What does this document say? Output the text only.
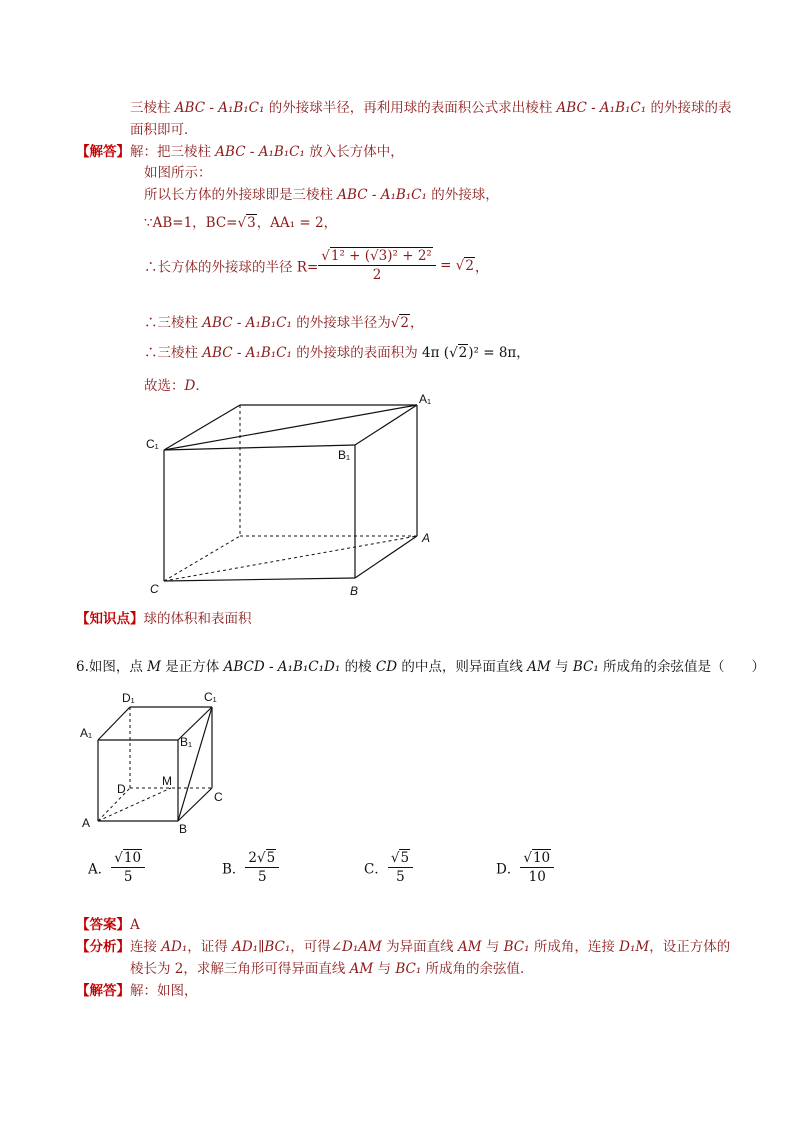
三棱柱 ABC - A₁B₁C₁ 的外接球半径，再利用球的表面积公式求出棱柱 ABC - A₁B₁C₁ 的外接球的表
面积即可．
【解答】解：把三棱柱 ABC - A₁B₁C₁ 放入长方体中，
如图所示：
所以长方体的外接球即是三棱柱 ABC - A₁B₁C₁ 的外接球，
∵AB=1，BC=√3，AA₁ = 2，
∴长方体的外接球的半径 $R= \frac{\text{√1² + (√3)² + 2²}}{2} = √2$，
∴三棱柱 ABC - A₁B₁C₁ 的外接球半径为√2，
∴三棱柱 ABC - A₁B₁C₁ 的外接球的表面积为 4π (√2)² = 8π，
故选：D．
A₁
C₁
B₁
A
C	B
【知识点】球的体积和表面积
6.如图，点 M 是正方体 ABCD - A₁B₁C₁D₁ 的棱 CD 的中点，则异面直线 AM 与 BC₁ 所成角的余弦值是（　　）
D₁	C₁
A₁
B₁
D
M
C
A	B
A． $\frac{√10}{5}$	B． $\frac{2√5}{5}$	C． $\frac{√5}{5}$	D． $\frac{√10}{10}$
【答案】A
【分析】连接 AD₁，证得 AD₁∥BC₁，可得∠D₁AM 为异面直线 AM 与 BC₁ 所成角，连接 D₁M，设正方体的
棱长为 2，求解三角形可得异面直线 AM 与 BC₁ 所成角的余弦值．
【解答】解：如图，
